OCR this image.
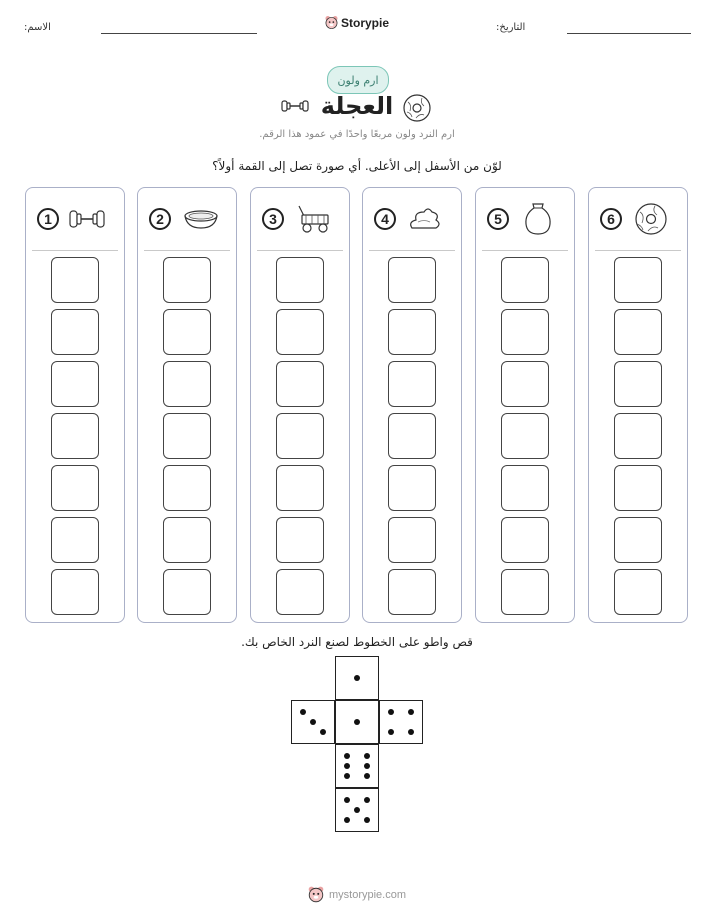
الاسم:	Storypie	التاريخ:
ارم ولون
العجلة
ارم النرد ولون مربعًا واحدًا في عمود هذا الرقم.
لوّن من الأسفل إلى الأعلى. أي صورة تصل إلى القمة أولاً؟
1	2	3	4	5	6
قص واطو على الخطوط لصنع النرد الخاص بك.
mystorypie.com
